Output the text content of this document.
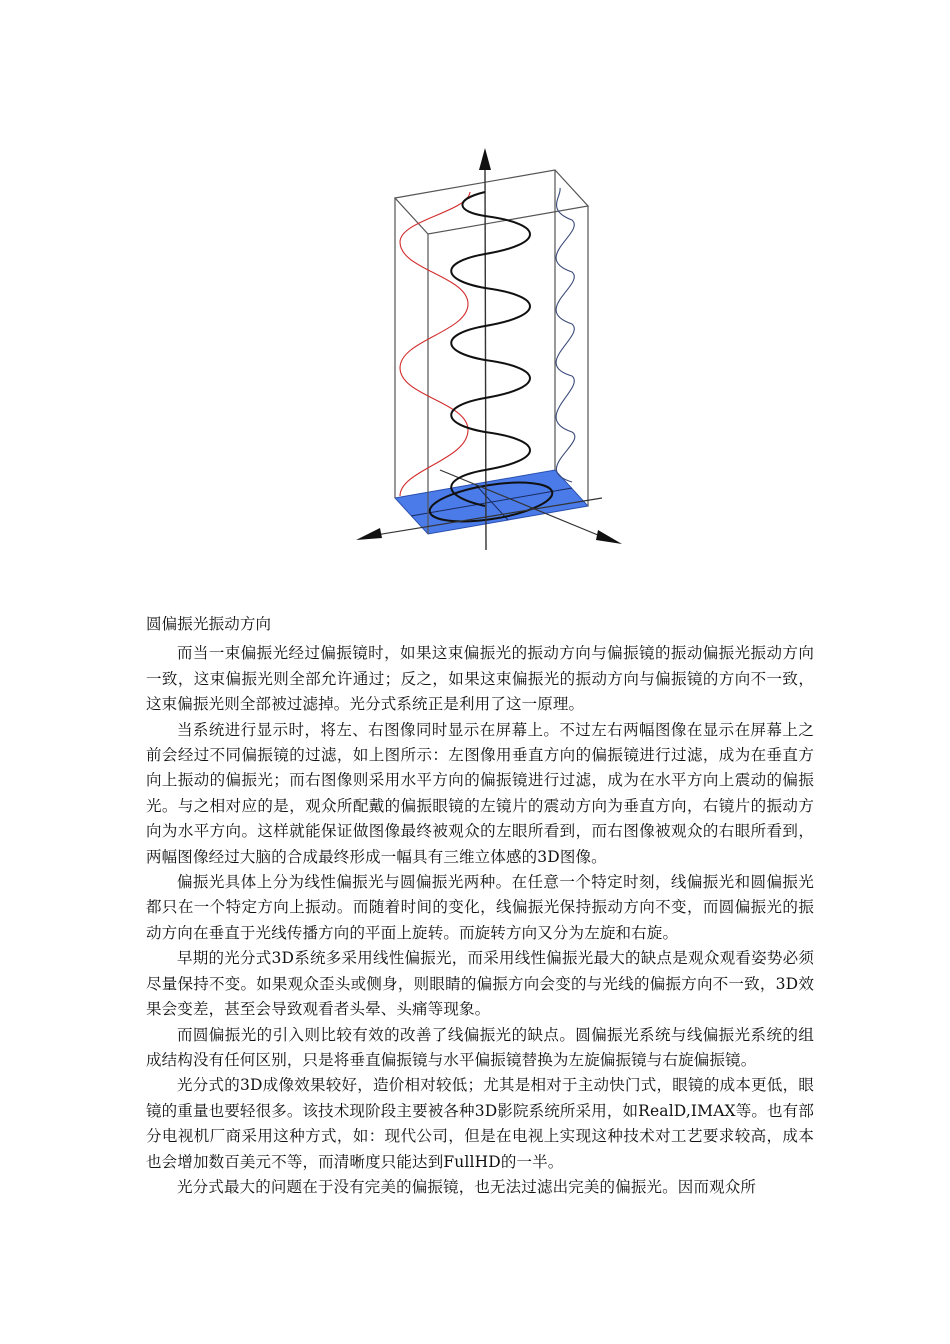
圆偏振光振动方向

而当一束偏振光经过偏振镜时，如果这束偏振光的振动方向与偏振镜的振动偏振光振动方向一致，这束偏振光则全部允许通过；反之，如果这束偏振光的振动方向与偏振镜的方向不一致，这束偏振光则全部被过滤掉。光分式系统正是利用了这一原理。

当系统进行显示时，将左、右图像同时显示在屏幕上。不过左右两幅图像在显示在屏幕上之前会经过不同偏振镜的过滤，如上图所示：左图像用垂直方向的偏振镜进行过滤，成为在垂直方向上振动的偏振光；而右图像则采用水平方向的偏振镜进行过滤，成为在水平方向上震动的偏振光。与之相对应的是，观众所配戴的偏振眼镜的左镜片的震动方向为垂直方向，右镜片的振动方向为水平方向。这样就能保证做图像最终被观众的左眼所看到，而右图像被观众的右眼所看到，两幅图像经过大脑的合成最终形成一幅具有三维立体感的3D图像。

偏振光具体上分为线性偏振光与圆偏振光两种。在任意一个特定时刻，线偏振光和圆偏振光都只在一个特定方向上振动。而随着时间的变化，线偏振光保持振动方向不变，而圆偏振光的振动方向在垂直于光线传播方向的平面上旋转。而旋转方向又分为左旋和右旋。

早期的光分式3D系统多采用线性偏振光，而采用线性偏振光最大的缺点是观众观看姿势必须尽量保持不变。如果观众歪头或侧身，则眼睛的偏振方向会变的与光线的偏振方向不一致，3D效果会变差，甚至会导致观看者头晕、头痛等现象。

而圆偏振光的引入则比较有效的改善了线偏振光的缺点。圆偏振光系统与线偏振光系统的组成结构没有任何区别，只是将垂直偏振镜与水平偏振镜替换为左旋偏振镜与右旋偏振镜。

光分式的3D成像效果较好，造价相对较低；尤其是相对于主动快门式，眼镜的成本更低，眼镜的重量也要轻很多。该技术现阶段主要被各种3D影院系统所采用，如RealD,IMAX等。也有部分电视机厂商采用这种方式，如：现代公司，但是在电视上实现这种技术对工艺要求较高，成本也会增加数百美元不等，而清晰度只能达到FullHD的一半。

光分式最大的问题在于没有完美的偏振镜，也无法过滤出完美的偏振光。因而观众所
